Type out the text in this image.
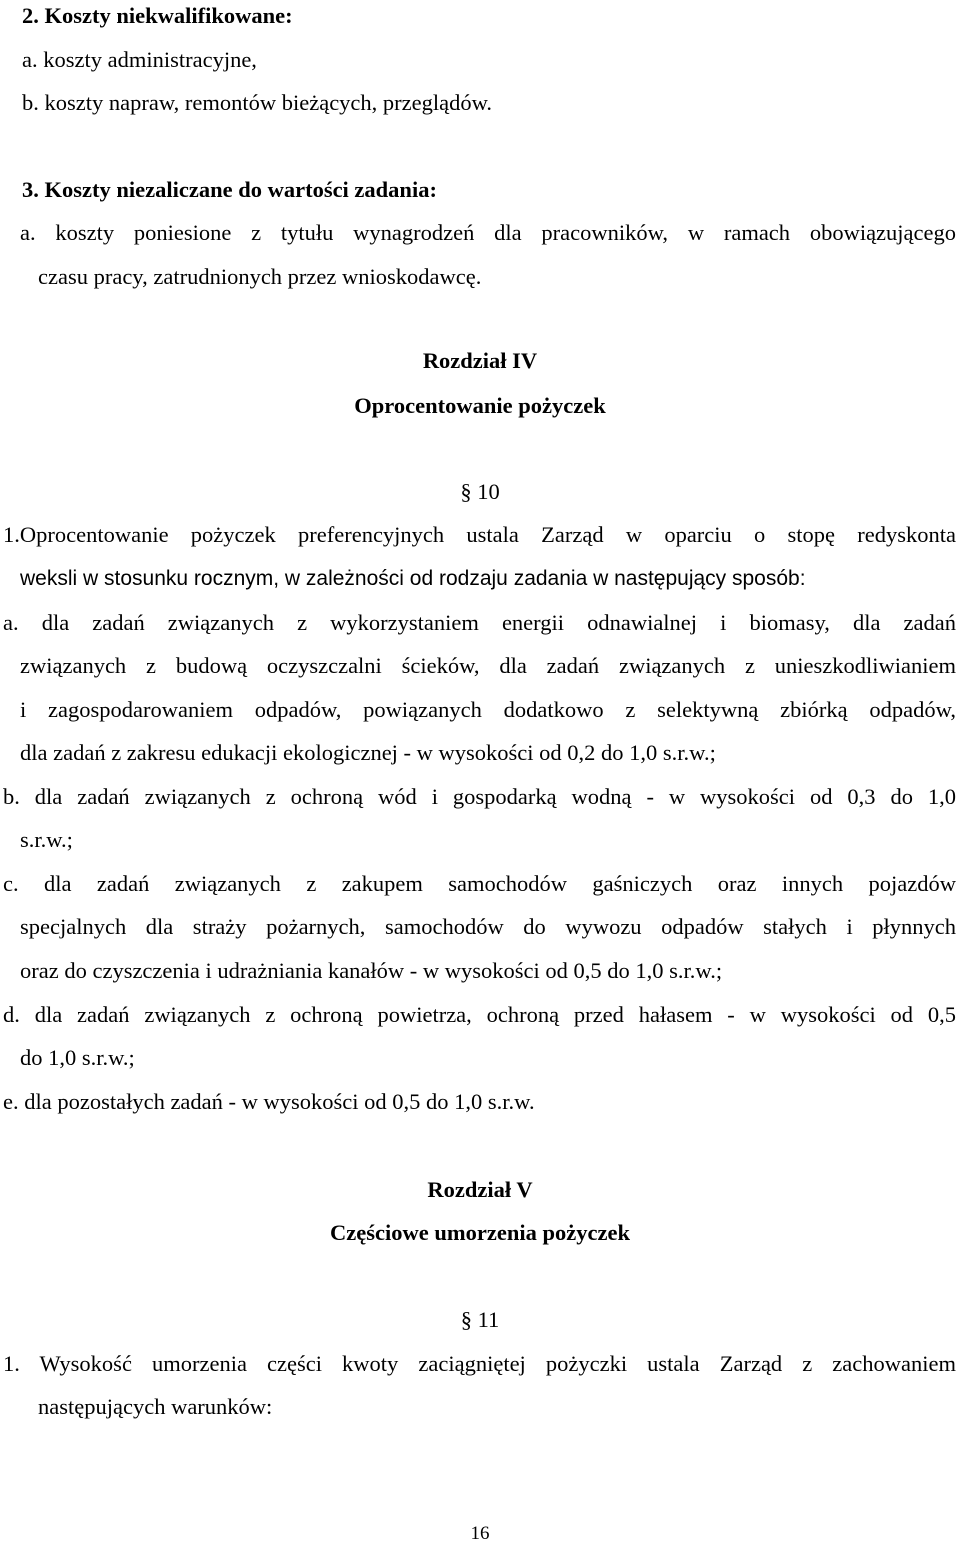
2. Koszty niekwalifikowane:
a. koszty administracyjne,
b. koszty napraw, remontów bieżących, przeglądów.
3. Koszty niezaliczane do wartości zadania:
a. koszty poniesione z tytułu wynagrodzeń dla pracowników, w ramach obowiązującego
czasu pracy, zatrudnionych przez wnioskodawcę.
Rozdział IV
Oprocentowanie pożyczek
§ 10
1.Oprocentowanie pożyczek preferencyjnych ustala Zarząd w oparciu o stopę redyskonta
weksli w stosunku rocznym, w zależności od rodzaju zadania w następujący sposób:
a. dla zadań związanych z wykorzystaniem energii odnawialnej i biomasy, dla zadań
związanych z budową oczyszczalni ścieków, dla zadań związanych z unieszkodliwianiem
i zagospodarowaniem odpadów, powiązanych dodatkowo z selektywną zbiórką odpadów,
dla zadań z zakresu edukacji ekologicznej - w wysokości od 0,2 do 1,0 s.r.w.;
b. dla zadań związanych z ochroną wód i gospodarką wodną - w wysokości od 0,3 do 1,0
s.r.w.;
c. dla zadań związanych z zakupem samochodów gaśniczych oraz innych pojazdów
specjalnych dla straży pożarnych, samochodów do wywozu odpadów stałych i płynnych
oraz do czyszczenia i udrażniania kanałów - w wysokości od 0,5 do 1,0 s.r.w.;
d. dla zadań związanych z ochroną powietrza, ochroną przed hałasem - w wysokości od 0,5
do 1,0 s.r.w.;
e. dla pozostałych zadań - w wysokości od 0,5 do 1,0 s.r.w.
Rozdział V
Częściowe umorzenia pożyczek
§ 11
1. Wysokość umorzenia części kwoty zaciągniętej pożyczki ustala Zarząd z zachowaniem
następujących warunków:
16
